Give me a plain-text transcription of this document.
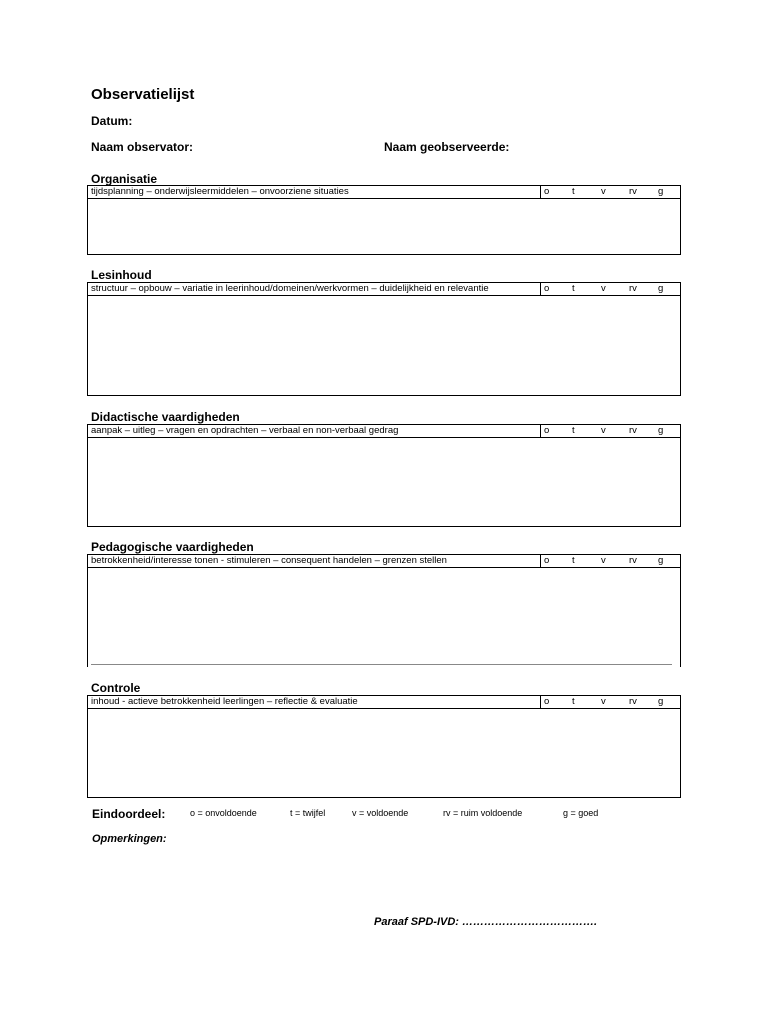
Observatielijst
Datum:
Naam observator:	Naam geobserveerde:
Organisatie
tijdsplanning – onderwijsleermiddelen – onvoorziene situaties	o t	v rv g
Lesinhoud
structuur – opbouw – variatie in leerinhoud/domeinen/werkvormen – duidelijkheid en relevantie	o t	v rv g
Didactische vaardigheden
aanpak – uitleg – vragen en opdrachten – verbaal en non-verbaal gedrag	o t	v rv g
Pedagogische vaardigheden
betrokkenheid/interesse tonen - stimuleren – consequent handelen – grenzen stellen	o t	v rv g
Controle
inhoud - actieve betrokkenheid leerlingen – reflectie & evaluatie	o t	v rv g
Eindoordeel:	o = onvoldoende	t = twijfel	v = voldoende	rv = ruim voldoende	g = goed
Opmerkingen:
Paraaf SPD-IVD: ……………………………….
